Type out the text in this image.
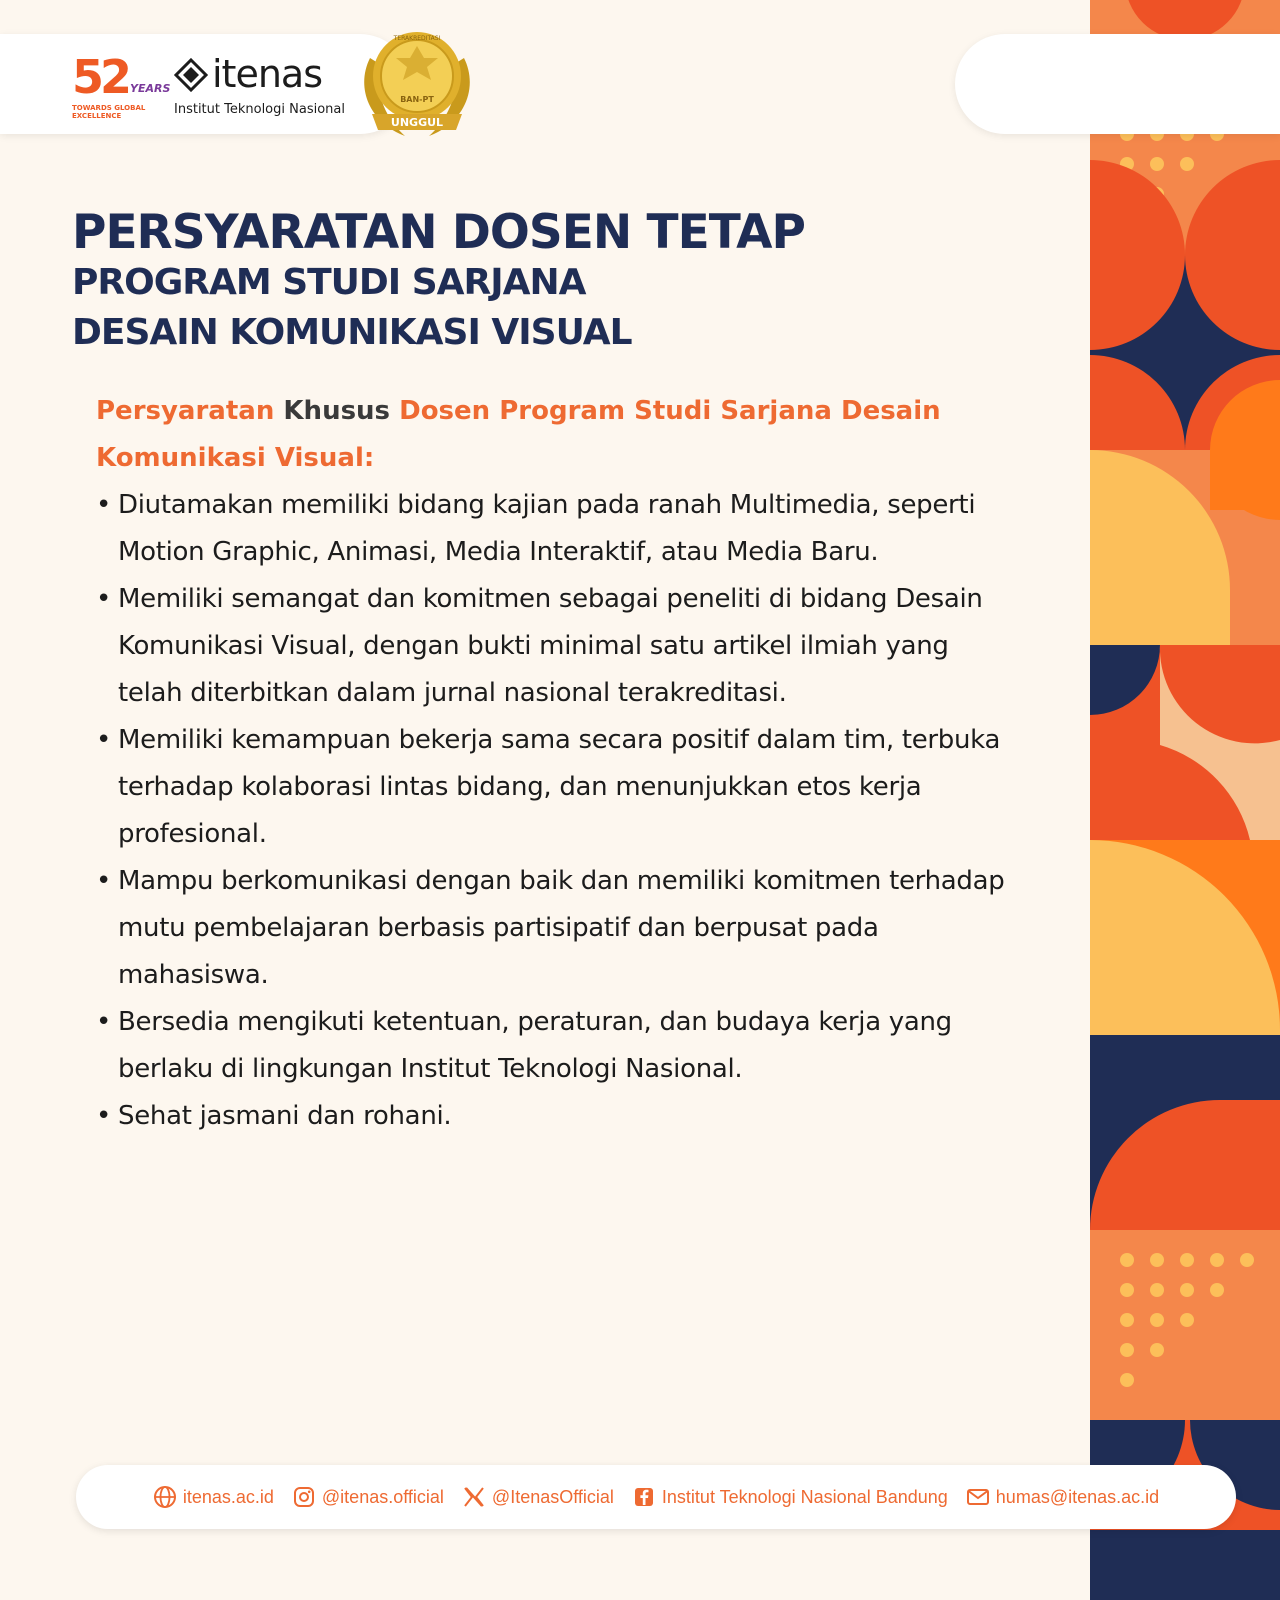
52 YEARS
TOWARDS GLOBAL EXCELLENCE
itenas
Institut Teknologi Nasional
TERAKREDITASI
BAN-PT
UNGGUL
PERSYARATAN DOSEN TETAP
PROGRAM STUDI SARJANA
DESAIN KOMUNIKASI VISUAL

Persyaratan Khusus Dosen Program Studi Sarjana Desain Komunikasi Visual:

• Diutamakan memiliki bidang kajian pada ranah Multimedia, seperti Motion Graphic, Animasi, Media Interaktif, atau Media Baru.
• Memiliki semangat dan komitmen sebagai peneliti di bidang Desain Komunikasi Visual, dengan bukti minimal satu artikel ilmiah yang telah diterbitkan dalam jurnal nasional terakreditasi.
• Memiliki kemampuan bekerja sama secara positif dalam tim, terbuka terhadap kolaborasi lintas bidang, dan menunjukkan etos kerja profesional.
• Mampu berkomunikasi dengan baik dan memiliki komitmen terhadap mutu pembelajaran berbasis partisipatif dan berpusat pada mahasiswa.
• Bersedia mengikuti ketentuan, peraturan, dan budaya kerja yang berlaku di lingkungan Institut Teknologi Nasional.
• Sehat jasmani dan rohani.
itenas.ac.id	@itenas.official	@ItenasOfficial	Institut Teknologi Nasional Bandung	humas@itenas.ac.id
